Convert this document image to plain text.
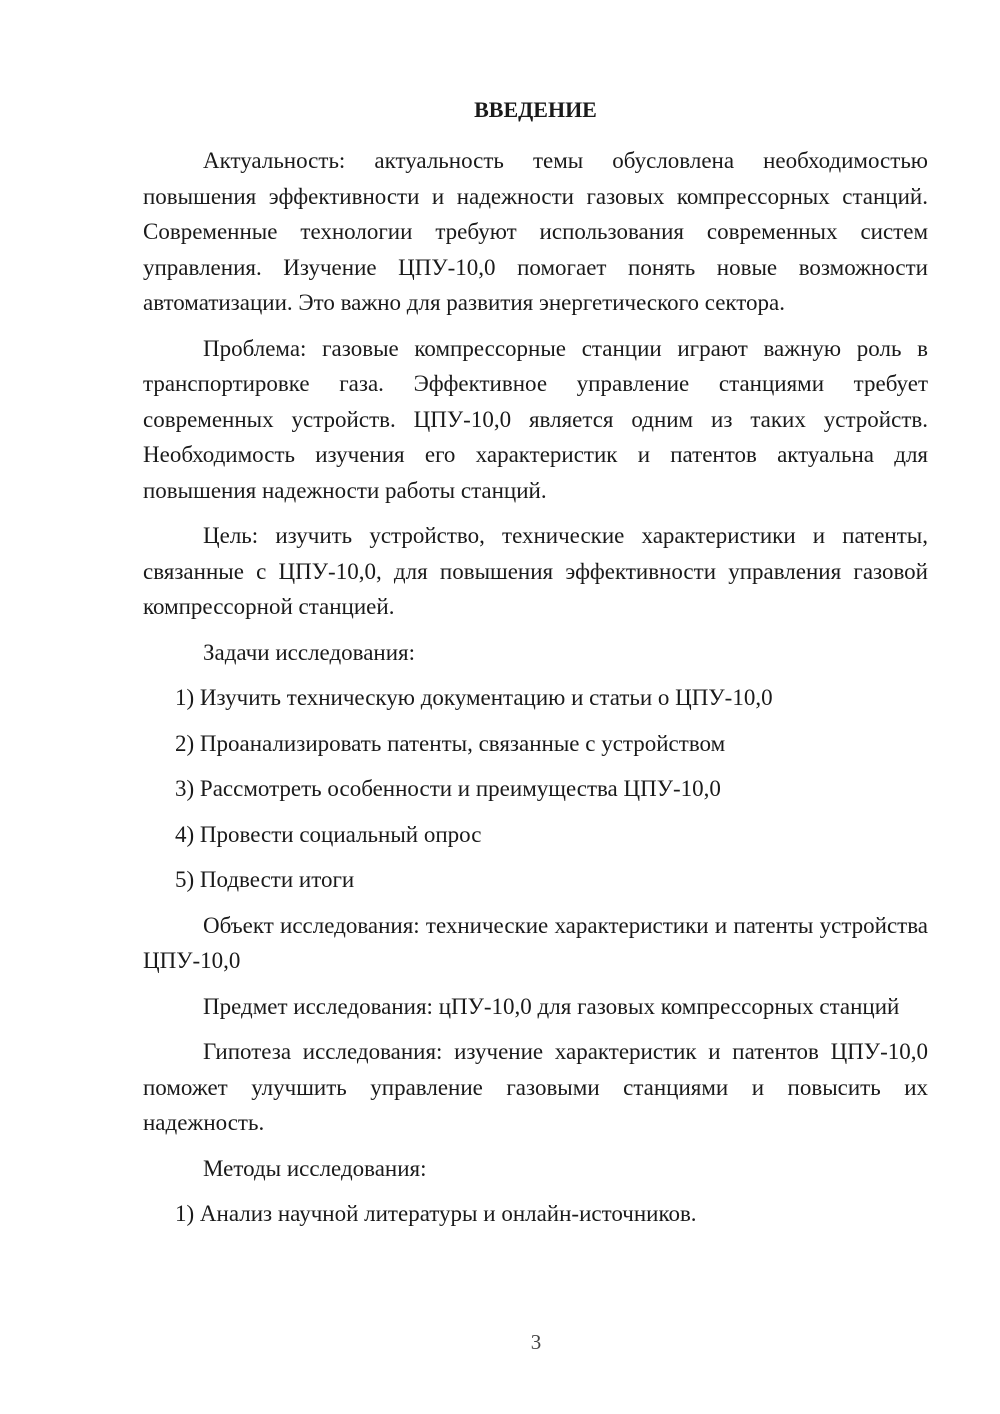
ВВЕДЕНИЕ

Актуальность: актуальность темы обусловлена необходимостью повышения эффективности и надежности газовых компрессорных станций. Современные технологии требуют использования современных систем управления. Изучение ЦПУ-10,0 помогает понять новые возможности автоматизации. Это важно для развития энергетического сектора.

Проблема: газовые компрессорные станции играют важную роль в транспортировке газа. Эффективное управление станциями требует современных устройств. ЦПУ-10,0 является одним из таких устройств. Необходимость изучения его характеристик и патентов актуальна для повышения надежности работы станций.

Цель: изучить устройство, технические характеристики и патенты, связанные с ЦПУ-10,0, для повышения эффективности управления газовой компрессорной станцией.

Задачи исследования:

1) Изучить техническую документацию и статьи о ЦПУ-10,0

2) Проанализировать патенты, связанные с устройством

3) Рассмотреть особенности и преимущества ЦПУ-10,0

4) Провести социальный опрос

5) Подвести итоги

Объект исследования: технические характеристики и патенты устройства ЦПУ-10,0

Предмет исследования: цПУ-10,0 для газовых компрессорных станций

Гипотеза исследования: изучение характеристик и патентов ЦПУ-10,0 поможет улучшить управление газовыми станциями и повысить их надежность.

Методы исследования:

1) Анализ научной литературы и онлайн-источников.

3
